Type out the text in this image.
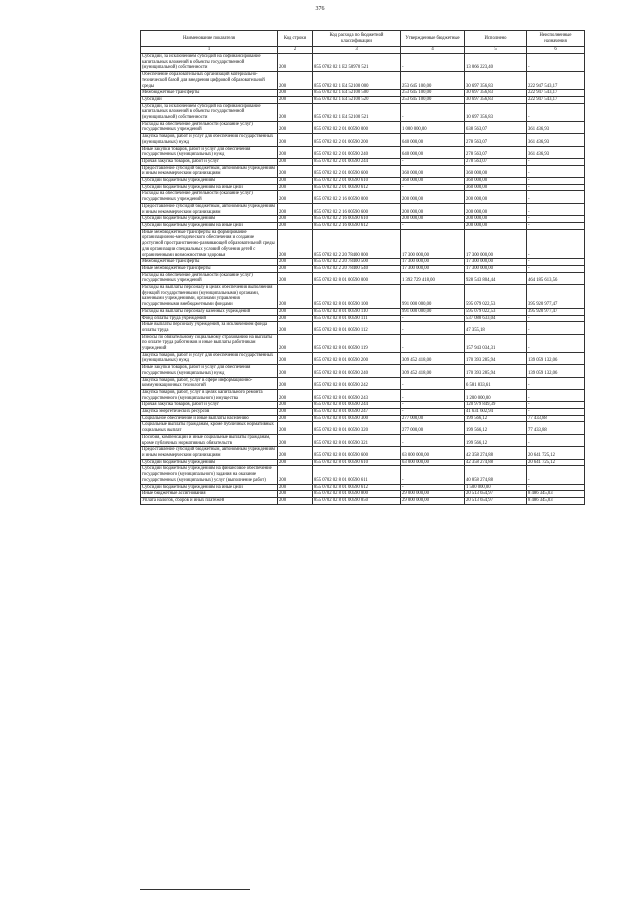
376
Наименование показателя	Код строки	Код расхода по бюджетной классификации	Утвержденные бюджетные	Исполнено	Неисполненные назначения
1	2	3	4	5	6
Субсидии, за исключением субсидий на софинансирование капитальных вложений в объекты государственной (муниципальной) собственности	200	855 0702 02 1 Е2 50970 521	-	13 066 223,40	-
Обеспечение образовательных организаций материально-технической базой для внедрения цифровой образовательной среды	200	855 0702 02 1 Е4 52100 000	253 645 100,00	30 697 356,83	222 947 543,17
Межбюджетные трансферты	200	855 0702 02 1 Е4 52100 500	253 645 100,00	30 697 356,83	222 947 543,17
Субсидии	200	855 0702 02 1 Е4 52100 520	253 645 100,00	30 697 356,83	222 947 543,17
Субсидии, за исключением субсидий на софинансирование капитальных вложений в объекты государственной (муниципальной) собственности	200	855 0702 02 1 Е4 52100 521	-	10 697 356,83	-
Расходы на обеспечение деятельности (оказание услуг) государственных учреждений	200	855 0702 02 2 01 00590 000	1 000 000,00	638 563,07	361 436,93
Закупка товаров, работ и услуг для обеспечения государственных (муниципальных) нужд	200	855 0702 02 2 01 00590 200	640 000,00	278 563,07	361 436,93
Иные закупки товаров, работ и услуг для обеспечения государственных (муниципальных) нужд	200	855 0702 02 2 01 00590 240	640 000,00	278 563,07	361 436,93
Прочая закупка товаров, работ и услуг	200	855 0702 02 2 01 00590 244	-	278 563,07	-
Предоставление субсидий бюджетным, автономным учреждениям и иным некоммерческим организациям	200	855 0702 02 2 01 00590 600	360 000,00	360 000,00	-
Субсидии бюджетным учреждениям	200	855 0702 02 2 01 00590 610	360 000,00	360 000,00	-
Субсидии бюджетным учреждениям на иные цели	200	855 0702 02 2 01 00590 612	-	360 000,00	-
Расходы на обеспечение деятельности (оказание услуг) государственных учреждений	200	855 0702 02 2 16 00590 000	200 000,00	200 000,00	-
Предоставление субсидий бюджетным, автономным учреждениям и иным некоммерческим организациям	200	855 0702 02 2 16 00590 600	200 000,00	200 000,00	-
Субсидии бюджетным учреждениям	200	855 0702 02 2 16 00590 610	200 000,00	200 000,00	-
Субсидии бюджетным учреждениям на иные цели	200	855 0702 02 2 16 00590 612	-	200 000,00	-
Иные межбюджетные трансферты на формирование организационно-методического обеспечения и создание доступной пространственно-развивающей образовательной среды для организации специальных условий обучения детей с ограниченными возможностями здоровья	200	855 0702 02 2 20 78400 000	17 300 000,00	17 300 000,00	-
Межбюджетные трансферты	200	855 0702 02 2 20 78400 500	17 300 000,00	17 300 000,00	-
Иные межбюджетные трансферты	200	855 0702 02 2 20 78400 540	17 300 000,00	17 300 000,00	-
Расходы на обеспечение деятельности (оказание услуг) государственных учреждений	200	855 0702 02 8 01 00590 000	1 392 729 418,00	928 543 804,44	464 185 613,56
Расходы на выплаты персоналу в целях обеспечения выполнения функций государственными (муниципальными) органами, казенными учреждениями, органами управления государственными внебюджетными фондами	200	855 0702 02 8 01 00590 100	991 000 000,00	595 079 022,53	395 920 977,47
Расходы на выплаты персоналу казенных учреждений	200	855 0702 02 8 01 00590 110	991 000 000,00	595 079 022,53	395 920 977,47
Фонд оплаты труда учреждений	200	855 0702 02 8 01 00590 111	-	537 088 633,04	-
Иные выплаты персоналу учреждений, за исключением фонда оплаты труда	200	855 0702 02 8 01 00590 112	-	47 355,18	-
Взносы по обязательному социальному страхованию на выплаты по оплате труда работников и иные выплаты работникам учреждений	200	855 0702 02 8 01 00590 119	-	157 943 034,31	-
Закупка товаров, работ и услуг для обеспечения государственных (муниципальных) нужд	200	855 0702 02 8 01 00590 200	309 452 418,00	170 393 285,94	139 059 132,06
Иные закупки товаров, работ и услуг для обеспечения государственных (муниципальных) нужд	200	855 0702 02 8 01 00590 240	309 452 418,00	170 393 285,94	139 059 132,06
Закупка товаров, работ, услуг в сфере информационно-коммуникационных технологий	200	855 0702 02 8 01 00590 242	-	6 581 833,61	-
Закупка товаров, работ, услуг в целях капитального ремонта государственного (муниципального) имущества	200	855 0702 02 8 01 00590 243	-	1 200 000,00	-
Прочая закупка товаров, работ и услуг	200	855 0702 02 8 01 00590 244	-	120 979 849,39	-
Закупка энергетических ресурсов	200	855 0702 02 8 01 00590 247	-	41 631 602,94	-
Социальное обеспечение и иные выплаты населению	200	855 0702 02 8 01 00590 300	277 000,00	199 566,12	77 433,88
Социальные выплаты гражданам, кроме публичных нормативных социальных выплат	200	855 0702 02 8 01 00590 320	277 000,00	199 566,12	77 433,88
Пособия, компенсации и иные социальные выплаты гражданам, кроме публичных нормативных обязательств	200	855 0702 02 8 01 00590 321	-	199 566,12	-
Предоставление субсидий бюджетным, автономным учреждениям и иным некоммерческим организациям	200	855 0702 02 8 01 00590 600	63 000 000,00	42 358 274,88	20 641 725,12
Субсидии бюджетным учреждениям	200	855 0702 02 8 01 00590 610	63 000 000,00	42 358 274,88	20 641 725,12
Субсидии бюджетным учреждениям на финансовое обеспечение государственного (муниципального) задания на оказание государственных (муниципальных) услуг (выполнение работ)	200	855 0702 02 8 01 00590 611	-	40 858 274,88	-
Субсидии бюджетным учреждениям на иные цели	200	855 0702 02 8 01 00590 612	-	1 500 000,00	-
Иные бюджетные ассигнования	200	855 0702 02 8 01 00590 800	29 000 000,00	20 513 654,97	8 486 345,03
Уплата налогов, сборов и иных платежей	200	855 0702 02 8 01 00590 850	29 000 000,00	20 513 654,97	8 486 345,03
